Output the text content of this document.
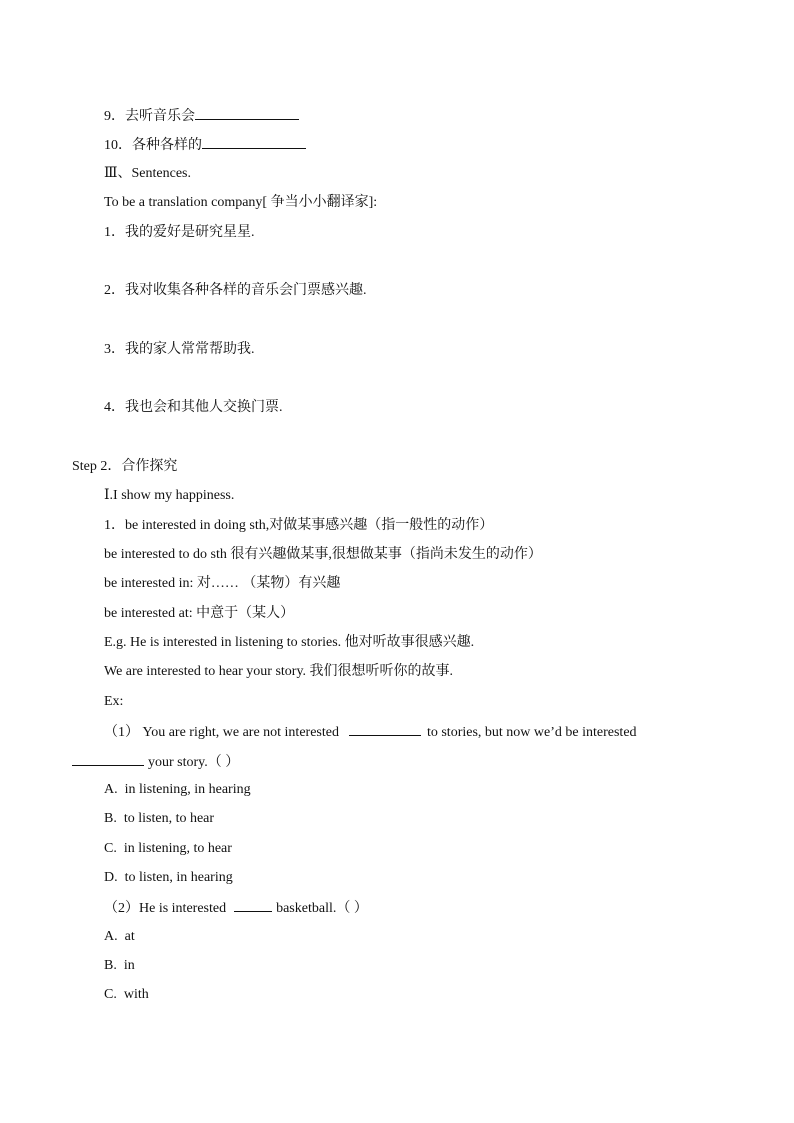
9．去听音乐会
10．各种各样的
Ⅲ、Sentences.
To be a translation company[ 争当小小翻译家]:
1．我的爱好是研究星星.
2．我对收集各种各样的音乐会门票感兴趣.
3．我的家人常常帮助我.
4．我也会和其他人交换门票.
Step 2．合作探究
Ⅰ.I show my happiness.
1．be interested in doing sth,对做某事感兴趣（指一般性的动作）
be interested to do sth 很有兴趣做某事,很想做某事（指尚未发生的动作）
be interested in: 对…… （某物）有兴趣
be interested at: 中意于（某人）
E.g. He is interested in listening to stories. 他对听故事很感兴趣.
We are interested to hear your story. 我们很想听听你的故事.
Ex:
（1） You are right, we are not interested	to stories, but now we’d be interested
your story.（ ）
A. in listening, in hearing
B. to listen, to hear
C. in listening, to hear
D. to listen, in hearing
（2）He is interested	basketball.（ ）
A. at
B. in
C. with
